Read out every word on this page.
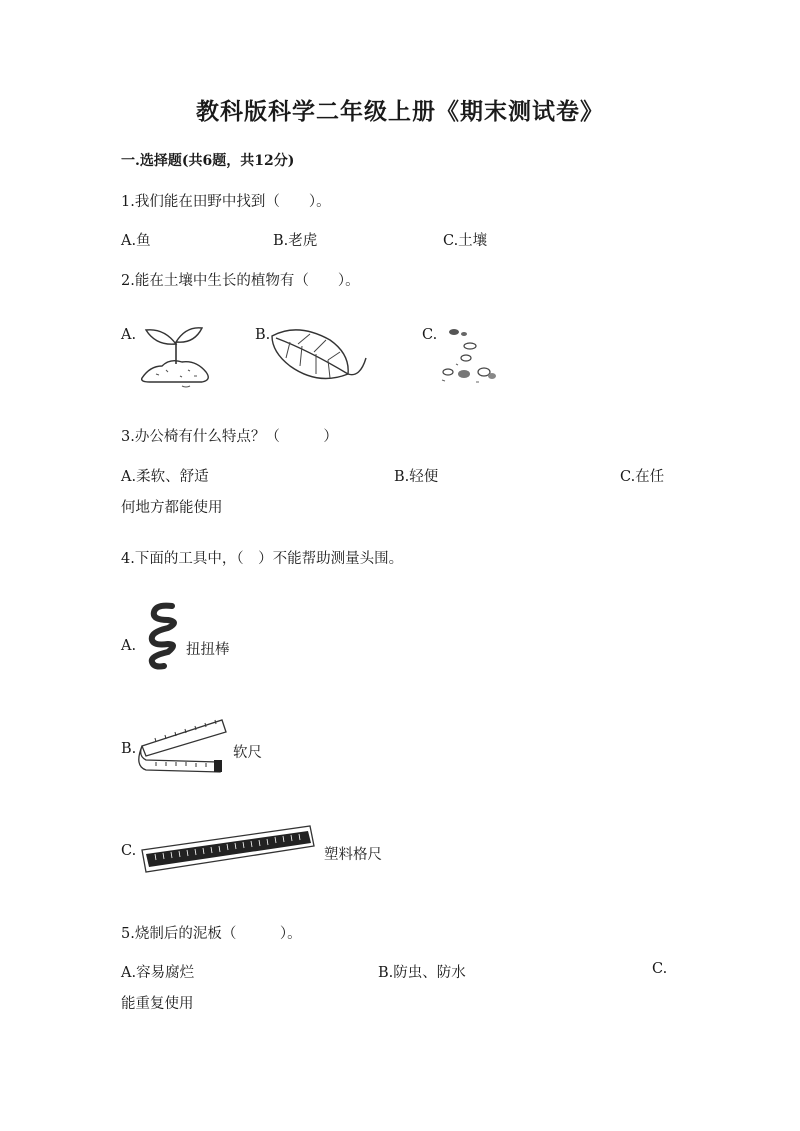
教科版科学二年级上册《期末测试卷》
一.选择题(共6题，共12分)
1.我们能在田野中找到（　　）。
A.鱼	B.老虎	C.土壤
2.能在土壤中生长的植物有（　　）。
A.	B.	C.
3.办公椅有什么特点？（　　　）
A.柔软、舒适	B.轻便	C.在任
何地方都能使用
4.下面的工具中，（　）不能帮助测量头围。
A.	扭扭棒
B.	软尺
C.	塑料格尺
5.烧制后的泥板（　　　）。
A.容易腐烂	B.防虫、防水	C.
能重复使用
